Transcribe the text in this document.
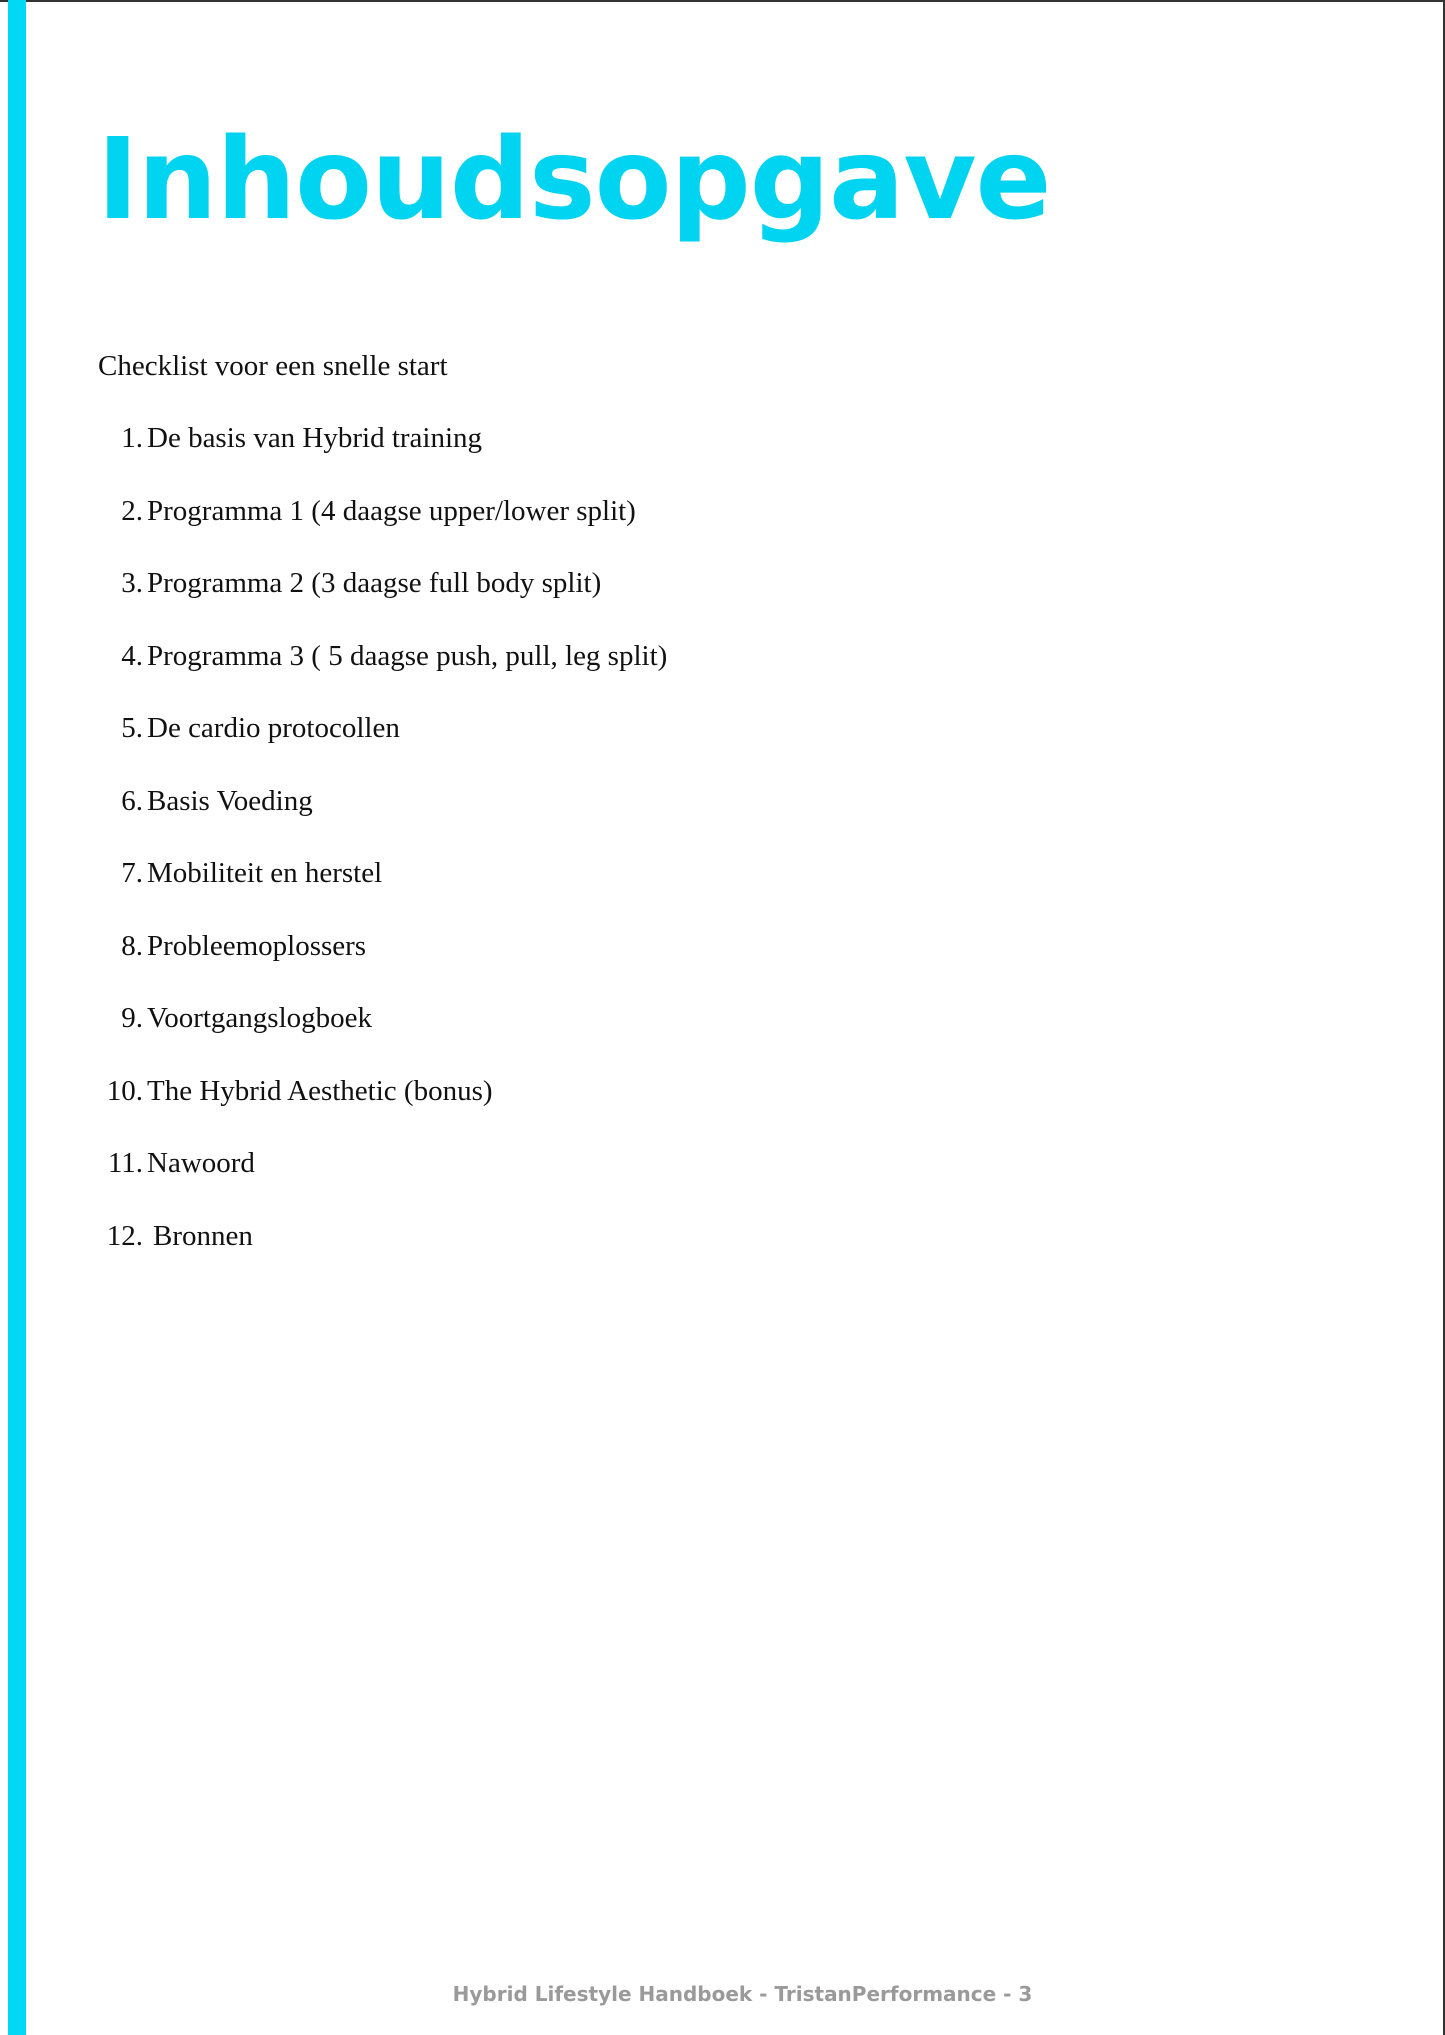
Inhoudsopgave
Checklist voor een snelle start
1. De basis van Hybrid training
2. Programma 1 (4 daagse upper/lower split)
3. Programma 2 (3 daagse full body split)
4. Programma 3 ( 5 daagse push, pull, leg split)
5. De cardio protocollen
6. Basis Voeding
7. Mobiliteit en herstel
8. Probleemoplossers
9. Voortgangslogboek
10. The Hybrid Aesthetic (bonus)
11. Nawoord
12. Bronnen
Hybrid Lifestyle Handboek - TristanPerformance - 3
